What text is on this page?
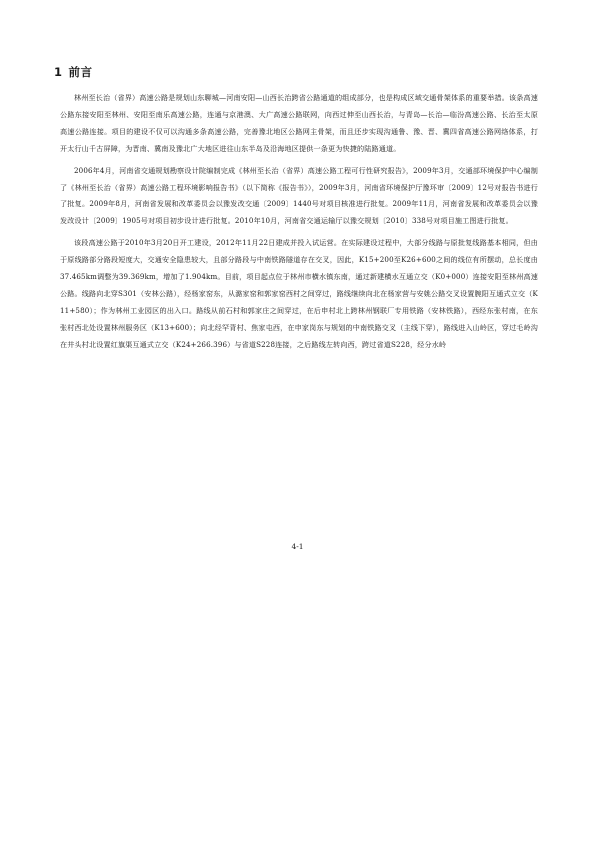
1 前言

林州至长治（省界）高速公路是规划山东聊城—河南安阳—山西长治跨省公路通道的组成部分，也是构成区域交通骨架体系的重要举措。该条高速公路东接安阳至林州、安阳至南乐高速公路，连通与京港澳、大广高速公路联网，向西过伸至山西长治，与青岛—长治—临汾高速公路、长治至太原高速公路连接。项目的建设不仅可以沟通多条高速公路，完善豫北地区公路网主骨架，而且还步实现沟通鲁、豫、晋、冀四省高速公路网络体系，打开太行山千古屏障，为晋南、冀南及豫北广大地区进往山东半岛及沿海地区提供一条更为快捷的陆路通道。

2006年4月，河南省交通规划勘察设计院编制完成《林州至长治（省界）高速公路工程可行性研究报告》，2009年3月，交通部环境保护中心编制了《林州至长治（省界）高速公路工程环境影响报告书》（以下简称《报告书》），2009年3月，河南省环境保护厅豫环审〔2009〕12号对报告书进行了批复。2009年8月，河南省发展和改革委员会以豫发改交通〔2009〕1440号对项目核准进行批复。2009年11月，河南省发展和改革委员会以豫发改设计〔2009〕1905号对项目初步设计进行批复。2010年10月，河南省交通运输厅以豫交规划〔2010〕338号对项目施工图进行批复。

该段高速公路于2010年3月20日开工建设，2012年11月22日建成并投入试运营。在实际建设过程中，大部分线路与原批复线路基本相同，但由于原线路部分路段短度大，交通安全隐患较大，且部分路段与中南铁路隧道存在交叉，因此，K15+200至K26+600之间的线位有所摆动，总长度由37.465km调整为39.369km，增加了1.904km。目前，项目起点位于林州市横水镇东南，通过新建横水互通立交（K0+000）连接安阳至林州高速公路。线路向北穿S301（安林公路），经杨家窑东，从潞家窑和郭家窑西村之间穿过，路线继续向北在杨家营与安姚公路交叉设置腕阳互通式立交（K11+580）；作为林州工业园区的出入口。路线从前石村和郭家庄之间穿过，在后申村北上跨林州钢联厂专用铁路（安林铁路），西经东张村南，在东张村西北处设置林州服务区（K13+600）；向北经罕背村、焦家屯西，在申家岗东与规划的中南铁路交叉（主线下穿），路线进入山岭区，穿过毛岭沟在井头村北设置红旗渠互通式立交（K24+266.396）与省道S228连接，之后路线左转向西，跨过省道S228，经分水岭

4-1
